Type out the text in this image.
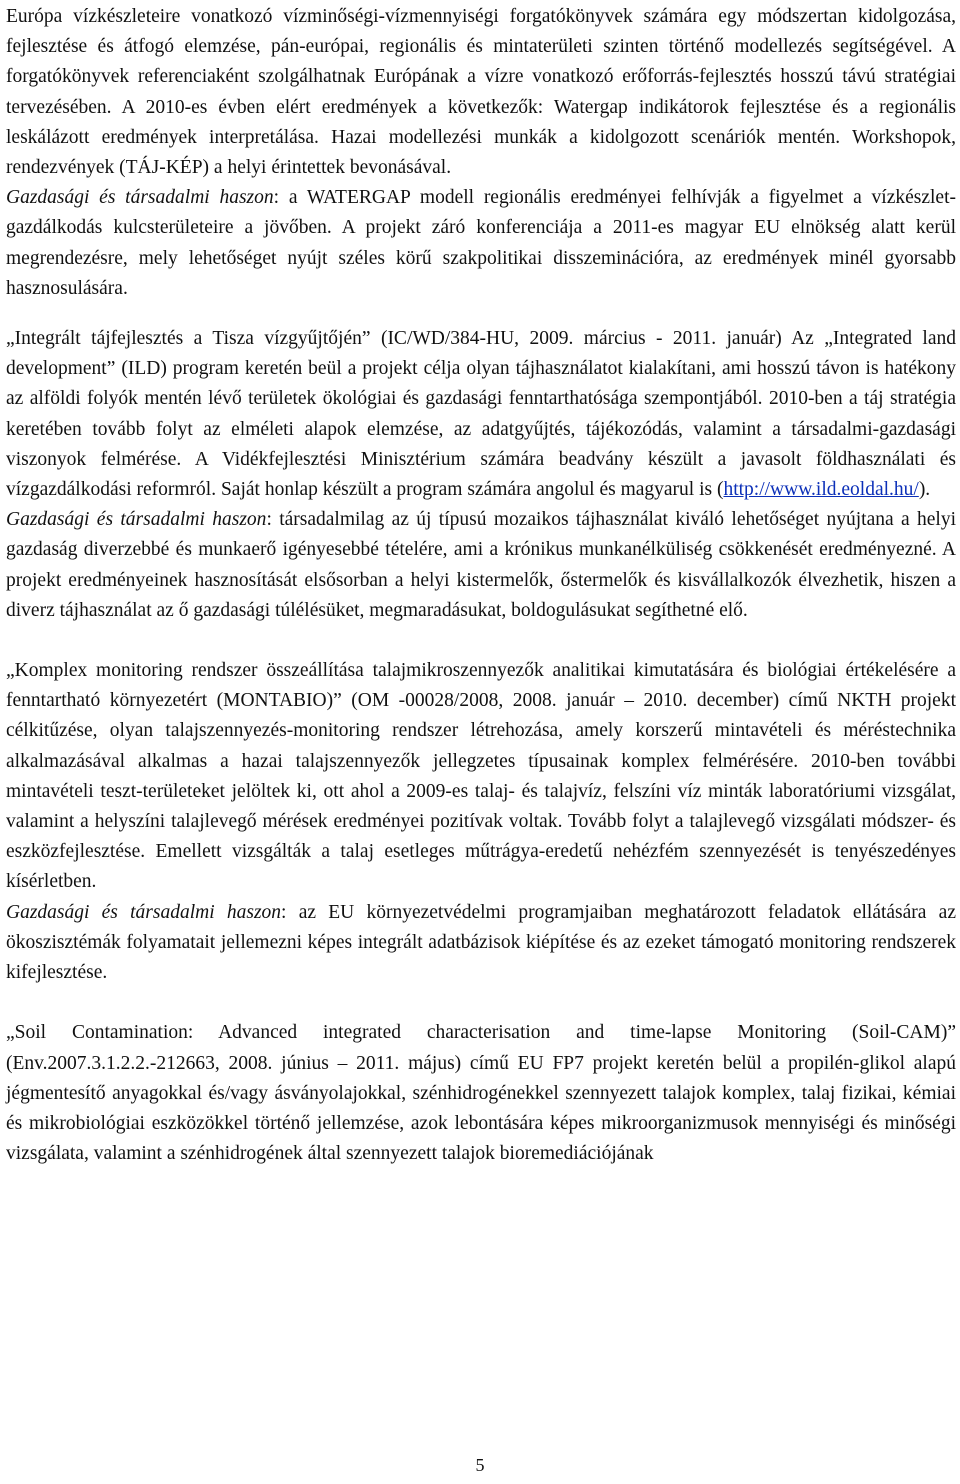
Európa vízkészleteire vonatkozó vízminőségi-vízmennyiségi forgatókönyvek számára egy módszertan kidolgozása, fejlesztése és átfogó elemzése, pán-európai, regionális és mintaterületi szinten történő modellezés segítségével. A forgatókönyvek referenciaként szolgálhatnak Európának a vízre vonatkozó erőforrás-fejlesztés hosszú távú stratégiai tervezésében. A 2010-es évben elért eredmények a következők: Watergap indikátorok fejlesztése és a regionális leskálázott eredmények interpretálása. Hazai modellezési munkák a kidolgozott scenáriók mentén. Workshopok, rendezvények (TÁJ-KÉP) a helyi érintettek bevonásával.

Gazdasági és társadalmi haszon: a WATERGAP modell regionális eredményei felhívják a figyelmet a vízkészlet-gazdálkodás kulcsterületeire a jövőben. A projekt záró konferenciája a 2011-es magyar EU elnökség alatt kerül megrendezésre, mely lehetőséget nyújt széles körű szakpolitikai disszeminációra, az eredmények minél gyorsabb hasznosulására.

„Integrált tájfejlesztés a Tisza vízgyűjtőjén” (IC/WD/384-HU, 2009. március - 2011. január) Az „Integrated land development” (ILD) program keretén beül a projekt célja olyan tájhasználatot kialakítani, ami hosszú távon is hatékony az alföldi folyók mentén lévő területek ökológiai és gazdasági fenntarthatósága szempontjából. 2010-ben a táj stratégia keretében tovább folyt az elméleti alapok elemzése, az adatgyűjtés, tájékozódás, valamint a társadalmi-gazdasági viszonyok felmérése. A Vidékfejlesztési Minisztérium számára beadvány készült a javasolt földhasználati és vízgazdálkodási reformról. Saját honlap készült a program számára angolul és magyarul is (http://www.ild.eoldal.hu/).

Gazdasági és társadalmi haszon: társadalmilag az új típusú mozaikos tájhasználat kiváló lehetőséget nyújtana a helyi gazdaság diverzebbé és munkaerő igényesebbé tételére, ami a krónikus munkanélküliség csökkenését eredményezné. A projekt eredményeinek hasznosítását elsősorban a helyi kistermelők, őstermelők és kisvállalkozók élvezhetik, hiszen a diverz tájhasználat az ő gazdasági túlélésüket, megmaradásukat, boldogulásukat segíthetné elő.

„Komplex monitoring rendszer összeállítása talajmikroszennyezők analitikai kimutatására és biológiai értékelésére a fenntartható környezetért (MONTABIO)” (OM -00028/2008, 2008. január – 2010. december) című NKTH projekt célkitűzése, olyan talajszennyezés-monitoring rendszer létrehozása, amely korszerű mintavételi és méréstechnika alkalmazásával alkalmas a hazai talajszennyezők jellegzetes típusainak komplex felmérésére. 2010-ben további mintavételi teszt-területeket jelöltek ki, ott ahol a 2009-es talaj- és talajvíz, felszíni víz minták laboratóriumi vizsgálat, valamint a helyszíni talajlevegő mérések eredményei pozitívak voltak. Tovább folyt a talajlevegő vizsgálati módszer- és eszközfejlesztése. Emellett vizsgálták a talaj esetleges műtrágya-eredetű nehézfém szennyezését is tenyészedényes kísérletben.

Gazdasági és társadalmi haszon: az EU környezetvédelmi programjaiban meghatározott feladatok ellátására az ökoszisztémák folyamatait jellemezni képes integrált adatbázisok kiépítése és az ezeket támogató monitoring rendszerek kifejlesztése.

„Soil Contamination: Advanced integrated characterisation and time-lapse Monitoring (Soil-CAM)” (Env.2007.3.1.2.2.-212663, 2008. június – 2011. május) című EU FP7 projekt keretén belül a propilén-glikol alapú jégmentesítő anyagokkal és/vagy ásványolajokkal, szénhidrogénekkel szennyezett talajok komplex, talaj fizikai, kémiai és mikrobiológiai eszközökkel történő jellemzése, azok lebontására képes mikroorganizmusok mennyiségi és minőségi vizsgálata, valamint a szénhidrogének által szennyezett talajok bioremediációjának

5
